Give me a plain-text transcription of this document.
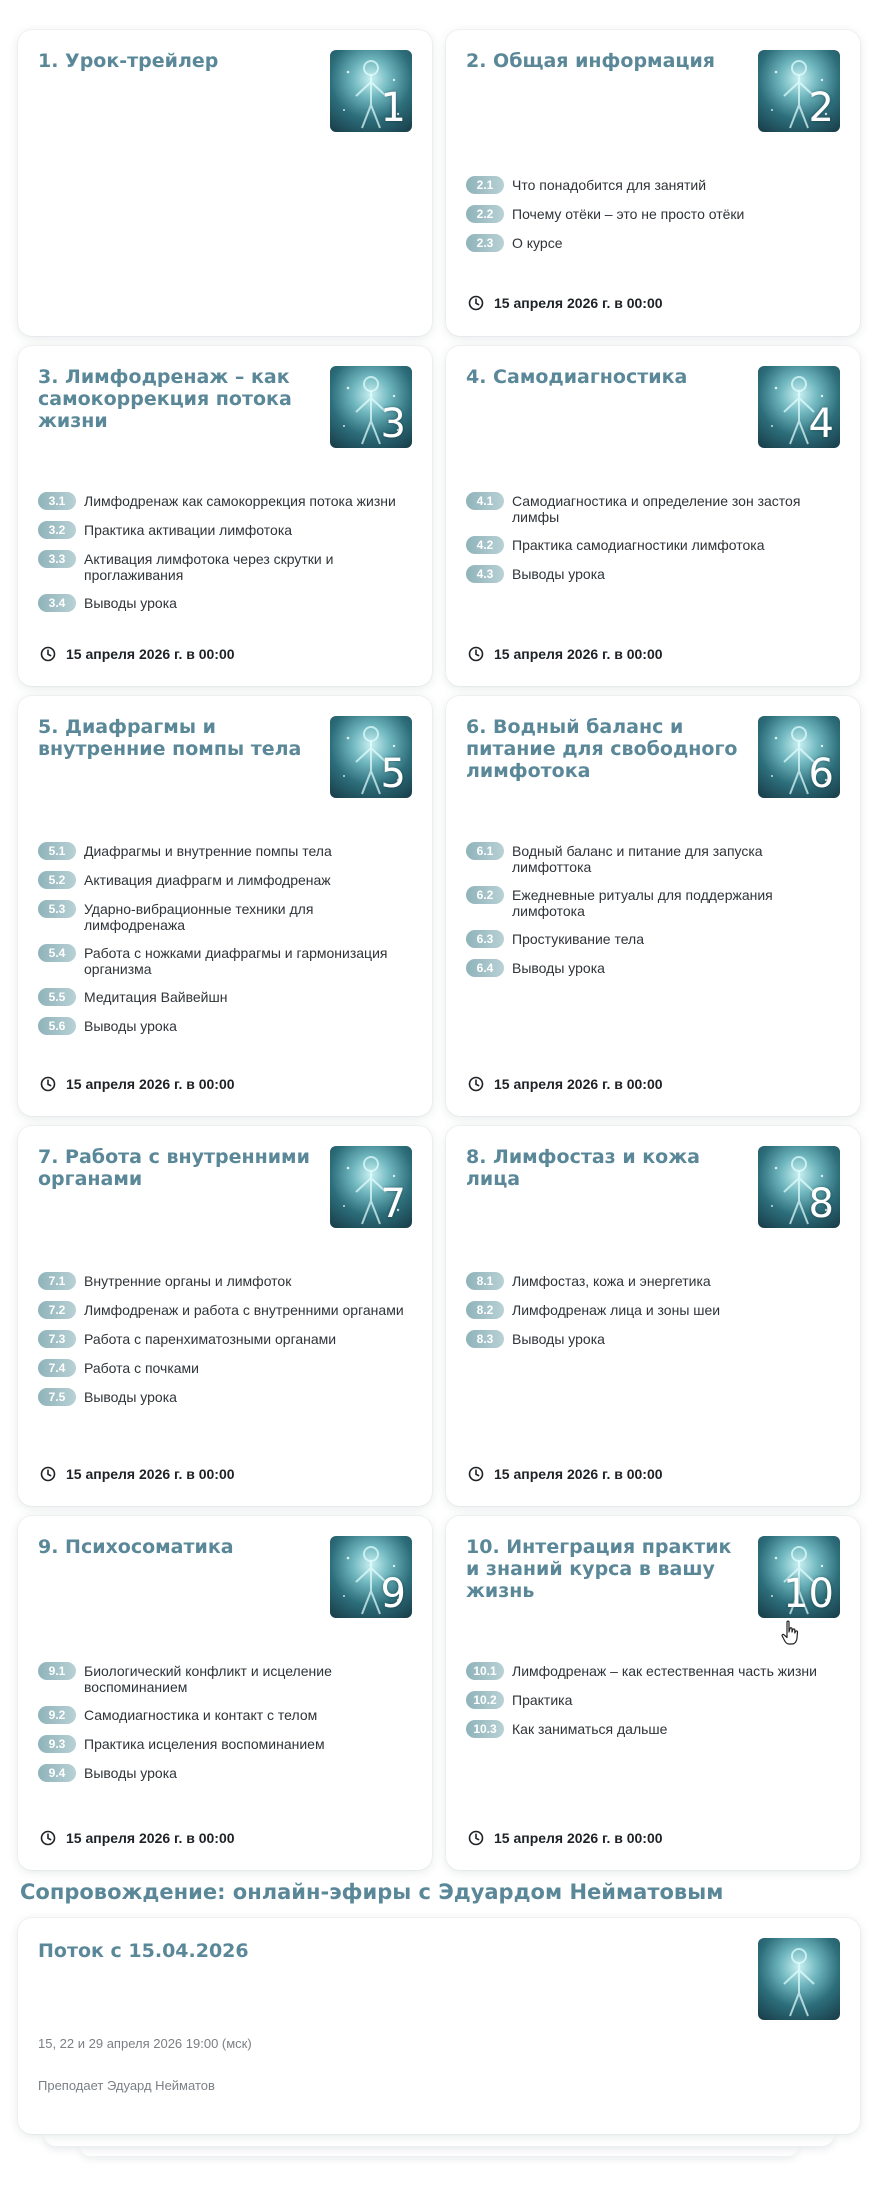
1. Урок-трейлер
1
2. Общая информация
2
2.1	Что понадобится для занятий
2.2	Почему отёки – это не просто отёки
2.3	О курсе
15 апреля 2026 г. в 00:00
3. Лимфодренаж – как самокоррекция потока жизни	3
3.1	Лимфодренаж как самокоррекция потока жизни
3.2	Практика активации лимфотока
3.3	Активация лимфотока через скрутки и проглаживания
3.4	Выводы урока
15 апреля 2026 г. в 00:00
4. Самодиагностика
4
4.1	Самодиагностика и определение зон застоя лимфы
4.2	Практика самодиагностики лимфотока
4.3	Выводы урока
15 апреля 2026 г. в 00:00
5. Диафрагмы и внутренние помпы тела
5
5.1	Диафрагмы и внутренние помпы тела
5.2	Активация диафрагм и лимфодренаж
5.3	Ударно-вибрационные техники для лимфодренажа
5.4	Работа с ножками диафрагмы и гармонизация организма
5.5	Медитация Вайвейшн
5.6	Выводы урока
15 апреля 2026 г. в 00:00
6. Водный баланс и питание для свободного лимфотока	6
6.1	Водный баланс и питание для запуска лимфоттока
6.2	Ежедневные ритуалы для поддержания лимфотока
6.3	Простукивание тела
6.4	Выводы урока
15 апреля 2026 г. в 00:00
7. Работа с внутренними органами
7
7.1	Внутренние органы и лимфоток
7.2	Лимфодренаж и работа с внутренними органами
7.3	Работа с паренхиматозными органами
7.4	Работа с почками
7.5	Выводы урока
15 апреля 2026 г. в 00:00
8. Лимфостаз и кожа лица
8
8.1	Лимфостаз, кожа и энергетика
8.2	Лимфодренаж лица и зоны шеи
8.3	Выводы урока
15 апреля 2026 г. в 00:00
9. Психосоматика
9
9.1	Биологический конфликт и исцеление воспоминанием
9.2	Самодиагностика и контакт с телом
9.3	Практика исцеления воспоминанием
9.4	Выводы урока
15 апреля 2026 г. в 00:00
10. Интеграция практик и знаний курса в вашу жизнь	10
10.1	Лимфодренаж – как естественная часть жизни
10.2	Практика
10.3	Как заниматься дальше
15 апреля 2026 г. в 00:00
Сопровождение: онлайн-эфиры с Эдуардом Нейматовым
Поток с 15.04.2026
15, 22 и 29 апреля 2026 19:00 (мск)
Преподает Эдуард Нейматов
